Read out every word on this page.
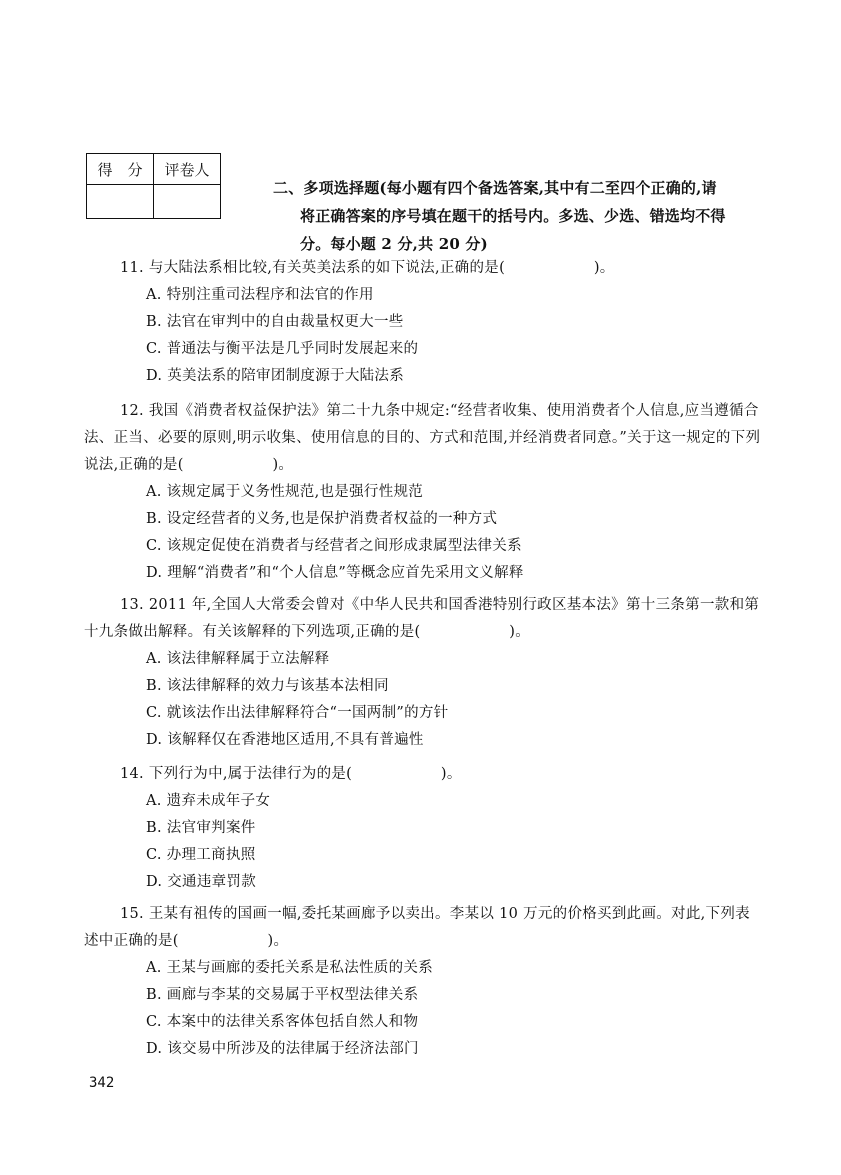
得　分	评卷人

二、多项选择题(每小题有四个备选答案,其中有二至四个正确的,请
将正确答案的序号填在题干的括号内。多选、少选、错选均不得
分。每小题 2 分,共 20 分)

11. 与大陆法系相比较,有关英美法系的如下说法,正确的是(　　　　　　)。

A. 特别注重司法程序和法官的作用

B. 法官在审判中的自由裁量权更大一些

C. 普通法与衡平法是几乎同时发展起来的

D. 英美法系的陪审团制度源于大陆法系

12. 我国《消费者权益保护法》第二十九条中规定:“经营者收集、使用消费者个人信息,应当遵循合法、正当、必要的原则,明示收集、使用信息的目的、方式和范围,并经消费者同意。”关于这一规定的下列说法,正确的是(　　　　　　)。

A. 该规定属于义务性规范,也是强行性规范

B. 设定经营者的义务,也是保护消费者权益的一种方式

C. 该规定促使在消费者与经营者之间形成隶属型法律关系

D. 理解“消费者”和“个人信息”等概念应首先采用文义解释

13. 2011 年,全国人大常委会曾对《中华人民共和国香港特别行政区基本法》第十三条第一款和第十九条做出解释。有关该解释的下列选项,正确的是(　　　　　　)。

A. 该法律解释属于立法解释

B. 该法律解释的效力与该基本法相同

C. 就该法作出法律解释符合“一国两制”的方针

D. 该解释仅在香港地区适用,不具有普遍性

14. 下列行为中,属于法律行为的是(　　　　　　)。

A. 遗弃未成年子女

B. 法官审判案件

C. 办理工商执照

D. 交通违章罚款

15. 王某有祖传的国画一幅,委托某画廊予以卖出。李某以 10 万元的价格买到此画。对此,下列表述中正确的是(　　　　　　)。

A. 王某与画廊的委托关系是私法性质的关系

B. 画廊与李某的交易属于平权型法律关系

C. 本案中的法律关系客体包括自然人和物

D. 该交易中所涉及的法律属于经济法部门

342
